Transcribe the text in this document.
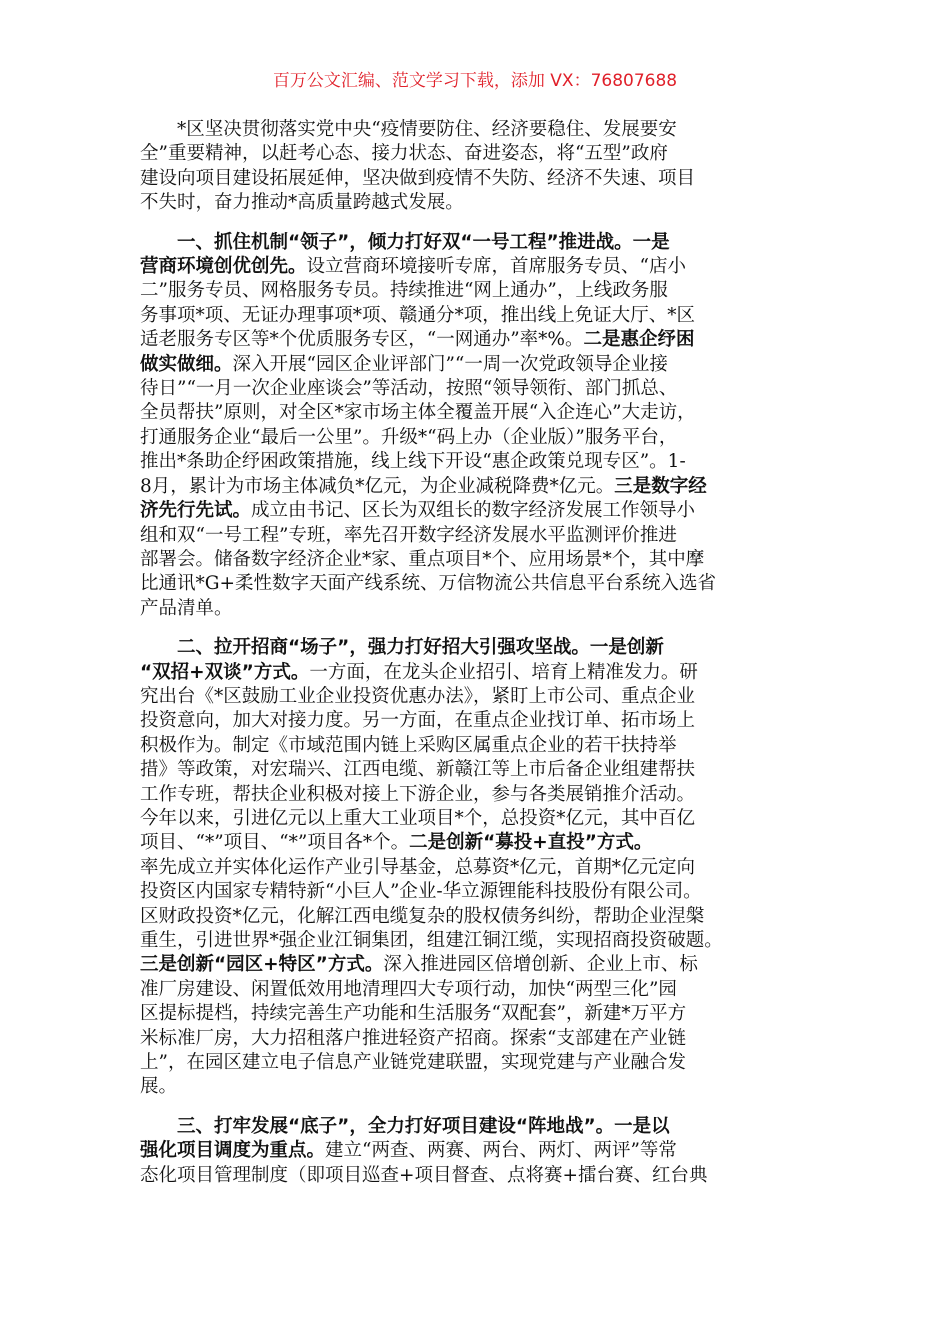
百万公文汇编、范文学习下载，添加 VX：76807688

*区坚决贯彻落实党中央“疫情要防住、经济要稳住、发展要安
全”重要精神，以赶考心态、接力状态、奋进姿态，将“五型”政府
建设向项目建设拓展延伸，坚决做到疫情不失防、经济不失速、项目
不失时，奋力推动*高质量跨越式发展。

一、抓住机制“领子”，倾力打好双“一号工程”推进战。一是
营商环境创优创先。设立营商环境接听专席，首席服务专员、“店小
二”服务专员、网格服务专员。持续推进“网上通办”，上线政务服
务事项*项、无证办理事项*项、赣通分*项，推出线上免证大厅、*区
适老服务专区等*个优质服务专区，“一网通办”率*%。二是惠企纾困
做实做细。深入开展“园区企业评部门”“一周一次党政领导企业接
待日”“一月一次企业座谈会”等活动，按照“领导领衔、部门抓总、
全员帮扶”原则，对全区*家市场主体全覆盖开展“入企连心”大走访，
打通服务企业“最后一公里”。升级*“码上办（企业版）”服务平台，
推出*条助企纾困政策措施，线上线下开设“惠企政策兑现专区”。1-
8月，累计为市场主体减负*亿元，为企业减税降费*亿元。三是数字经
济先行先试。成立由书记、区长为双组长的数字经济发展工作领导小
组和双“一号工程”专班，率先召开数字经济发展水平监测评价推进
部署会。储备数字经济企业*家、重点项目*个、应用场景*个，其中摩
比通讯*G+柔性数字天面产线系统、万信物流公共信息平台系统入选省
产品清单。

二、拉开招商“场子”，强力打好招大引强攻坚战。一是创新
“双招+双谈”方式。一方面，在龙头企业招引、培育上精准发力。研
究出台《*区鼓励工业企业投资优惠办法》，紧盯上市公司、重点企业
投资意向，加大对接力度。另一方面，在重点企业找订单、拓市场上
积极作为。制定《市域范围内链上采购区属重点企业的若干扶持举
措》等政策，对宏瑞兴、江西电缆、新赣江等上市后备企业组建帮扶
工作专班，帮扶企业积极对接上下游企业，参与各类展销推介活动。
今年以来，引进亿元以上重大工业项目*个，总投资*亿元，其中百亿
项目、“*”项目、“*”项目各*个。二是创新“募投+直投”方式。
率先成立并实体化运作产业引导基金，总募资*亿元，首期*亿元定向
投资区内国家专精特新“小巨人”企业-华立源锂能科技股份有限公司。
区财政投资*亿元，化解江西电缆复杂的股权债务纠纷，帮助企业涅槃
重生，引进世界*强企业江铜集团，组建江铜江缆，实现招商投资破题。
三是创新“园区+特区”方式。深入推进园区倍增创新、企业上市、标
准厂房建设、闲置低效用地清理四大专项行动，加快“两型三化”园
区提标提档，持续完善生产功能和生活服务“双配套”，新建*万平方
米标准厂房，大力招租落户推进轻资产招商。探索“支部建在产业链
上”，在园区建立电子信息产业链党建联盟，实现党建与产业融合发
展。

三、打牢发展“底子”，全力打好项目建设“阵地战”。一是以
强化项目调度为重点。建立“两查、两赛、两台、两灯、两评”等常
态化项目管理制度（即项目巡查+项目督查、点将赛+擂台赛、红台典
